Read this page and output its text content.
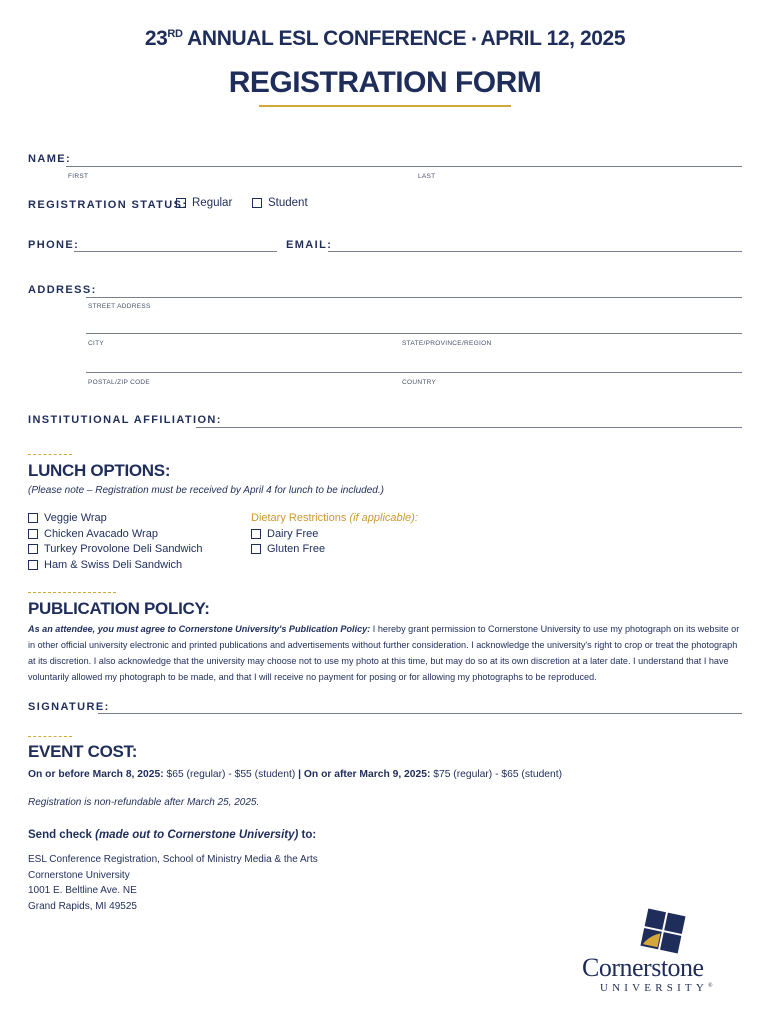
23RD ANNUAL ESL CONFERENCE ▪ APRIL 12, 2025
REGISTRATION FORM
NAME:
FIRST	LAST
REGISTRATION STATUS: Regular	Student
PHONE:	EMAIL:
ADDRESS:
STREET ADDRESS
CITY	STATE/PROVINCE/REGION
POSTAL/ZIP CODE	COUNTRY
INSTITUTIONAL AFFILIATION:
LUNCH OPTIONS:
(Please note – Registration must be received by April 4 for lunch to be included.)
Veggie Wrap
Chicken Avacado Wrap
Turkey Provolone Deli Sandwich
Ham & Swiss Deli Sandwich
Dietary Restrictions (if applicable):
Dairy Free
Gluten Free
PUBLICATION POLICY:
As an attendee, you must agree to Cornerstone University's Publication Policy: I hereby grant permission to Cornerstone University to use my photograph on its website or in other official university electronic and printed publications and advertisements without further consideration. I acknowledge the university's right to crop or treat the photograph at its discretion. I also acknowledge that the university may choose not to use my photo at this time, but may do so at its own discretion at a later date. I understand that I have voluntarily allowed my photograph to be made, and that I will receive no payment for posing or for allowing my photographs to be reproduced.
SIGNATURE:
EVENT COST:
On or before March 8, 2025: $65 (regular) - $55 (student) | On or after March 9, 2025: $75 (regular) - $65 (student)
Registration is non-refundable after March 25, 2025.
Send check (made out to Cornerstone University) to:
ESL Conference Registration, School of Ministry Media & the Arts
Cornerstone University
1001 E. Beltline Ave. NE
Grand Rapids, MI 49525
Cornerstone
UNIVERSITY®
